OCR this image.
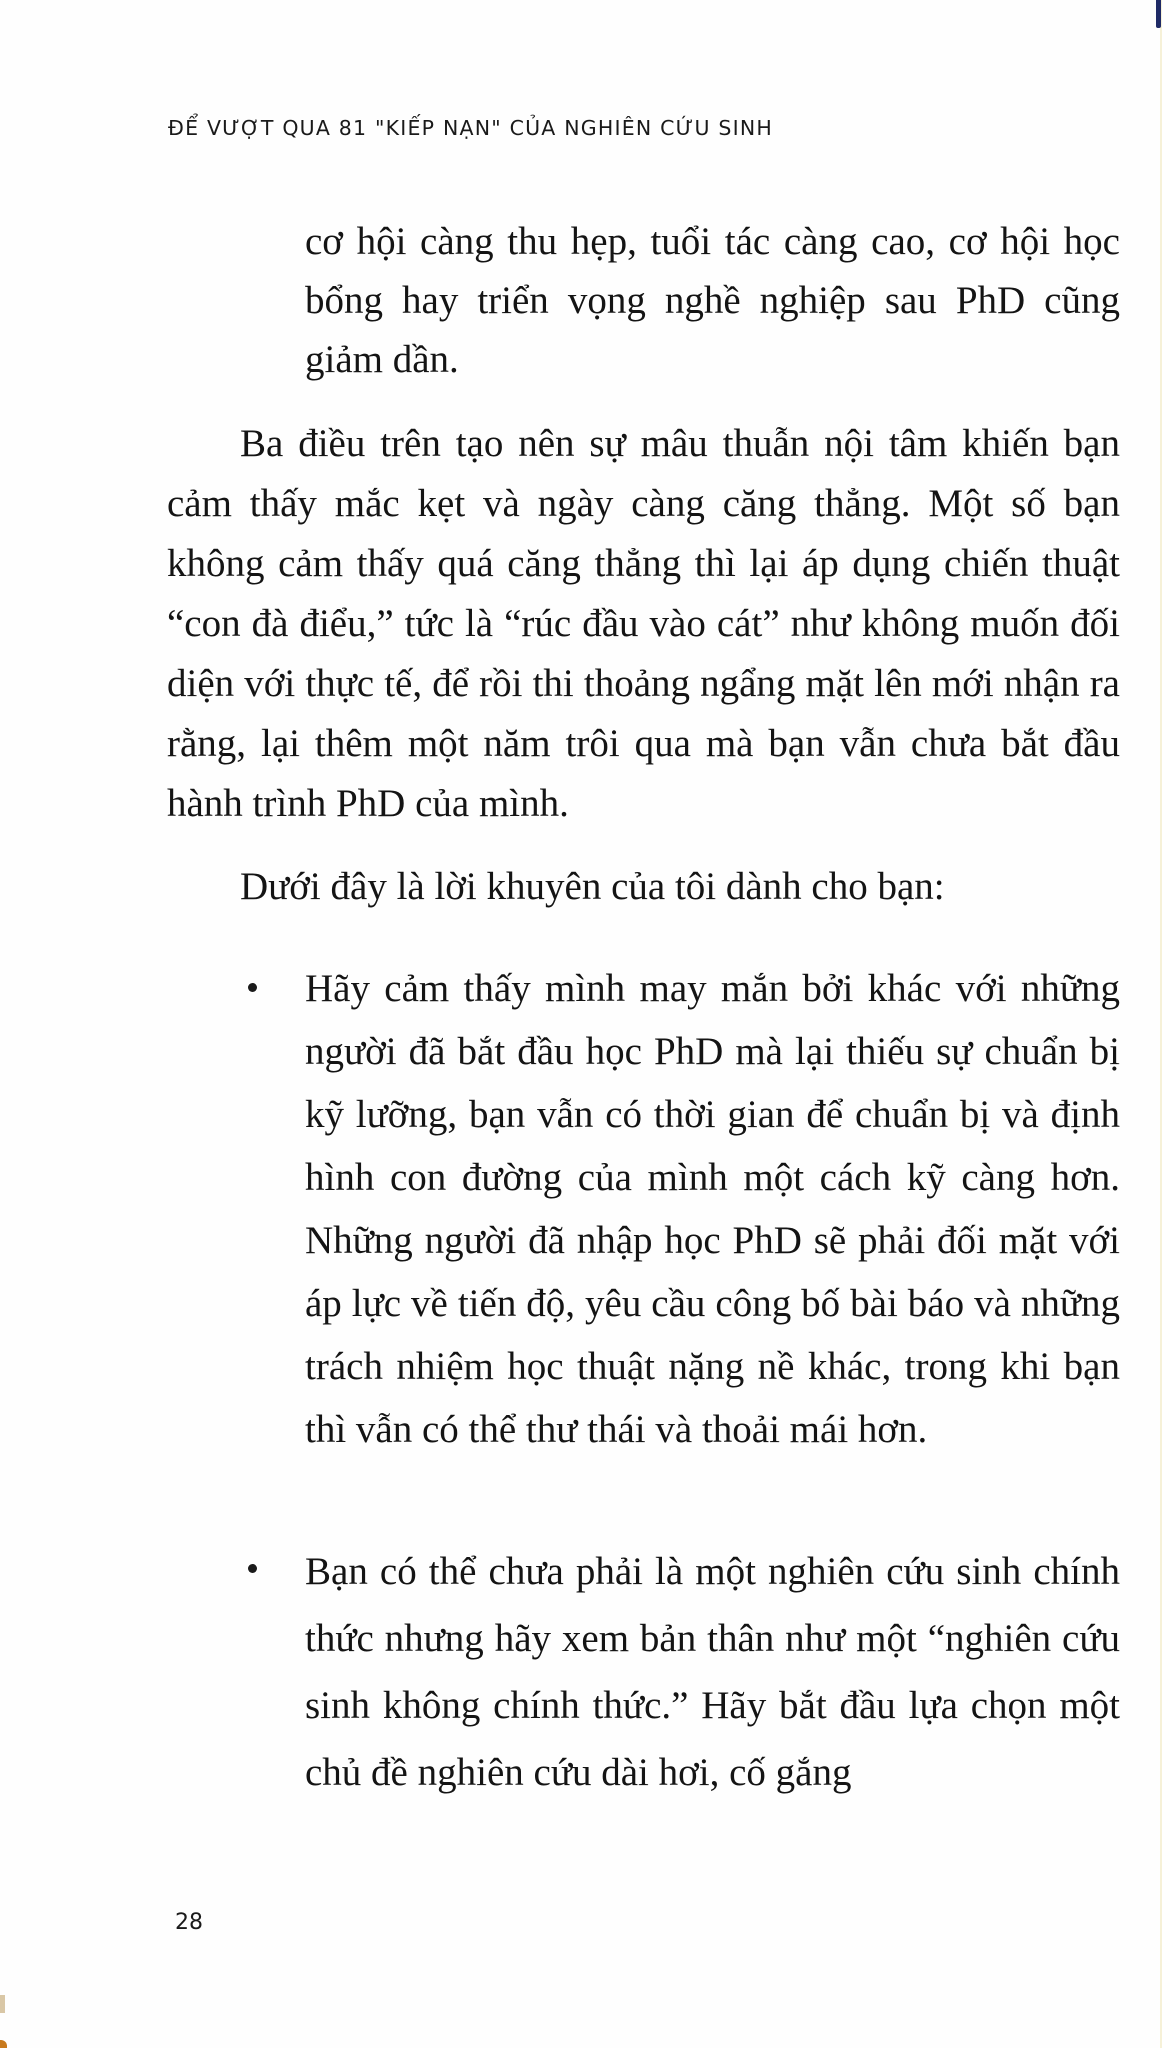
ĐỂ VƯỢT QUA 81 "KIẾP NẠN" CỦA NGHIÊN CỨU SINH

cơ hội càng thu hẹp, tuổi tác càng cao, cơ hội học bổng hay triển vọng nghề nghiệp sau PhD cũng giảm dần.

Ba điều trên tạo nên sự mâu thuẫn nội tâm khiến bạn cảm thấy mắc kẹt và ngày càng căng thẳng. Một số bạn không cảm thấy quá căng thẳng thì lại áp dụng chiến thuật “con đà điểu,” tức là “rúc đầu vào cát” như không muốn đối diện với thực tế, để rồi thi thoảng ngẩng mặt lên mới nhận ra rằng, lại thêm một năm trôi qua mà bạn vẫn chưa bắt đầu hành trình PhD của mình.

Dưới đây là lời khuyên của tôi dành cho bạn:

Hãy cảm thấy mình may mắn bởi khác với những người đã bắt đầu học PhD mà lại thiếu sự chuẩn bị kỹ lưỡng, bạn vẫn có thời gian để chuẩn bị và định hình con đường của mình một cách kỹ càng hơn. Những người đã nhập học PhD sẽ phải đối mặt với áp lực về tiến độ, yêu cầu công bố bài báo và những trách nhiệm học thuật nặng nề khác, trong khi bạn thì vẫn có thể thư thái và thoải mái hơn.

Bạn có thể chưa phải là một nghiên cứu sinh chính thức nhưng hãy xem bản thân như một “nghiên cứu sinh không chính thức.” Hãy bắt đầu lựa chọn một chủ đề nghiên cứu dài hơi, cố gắng

28
